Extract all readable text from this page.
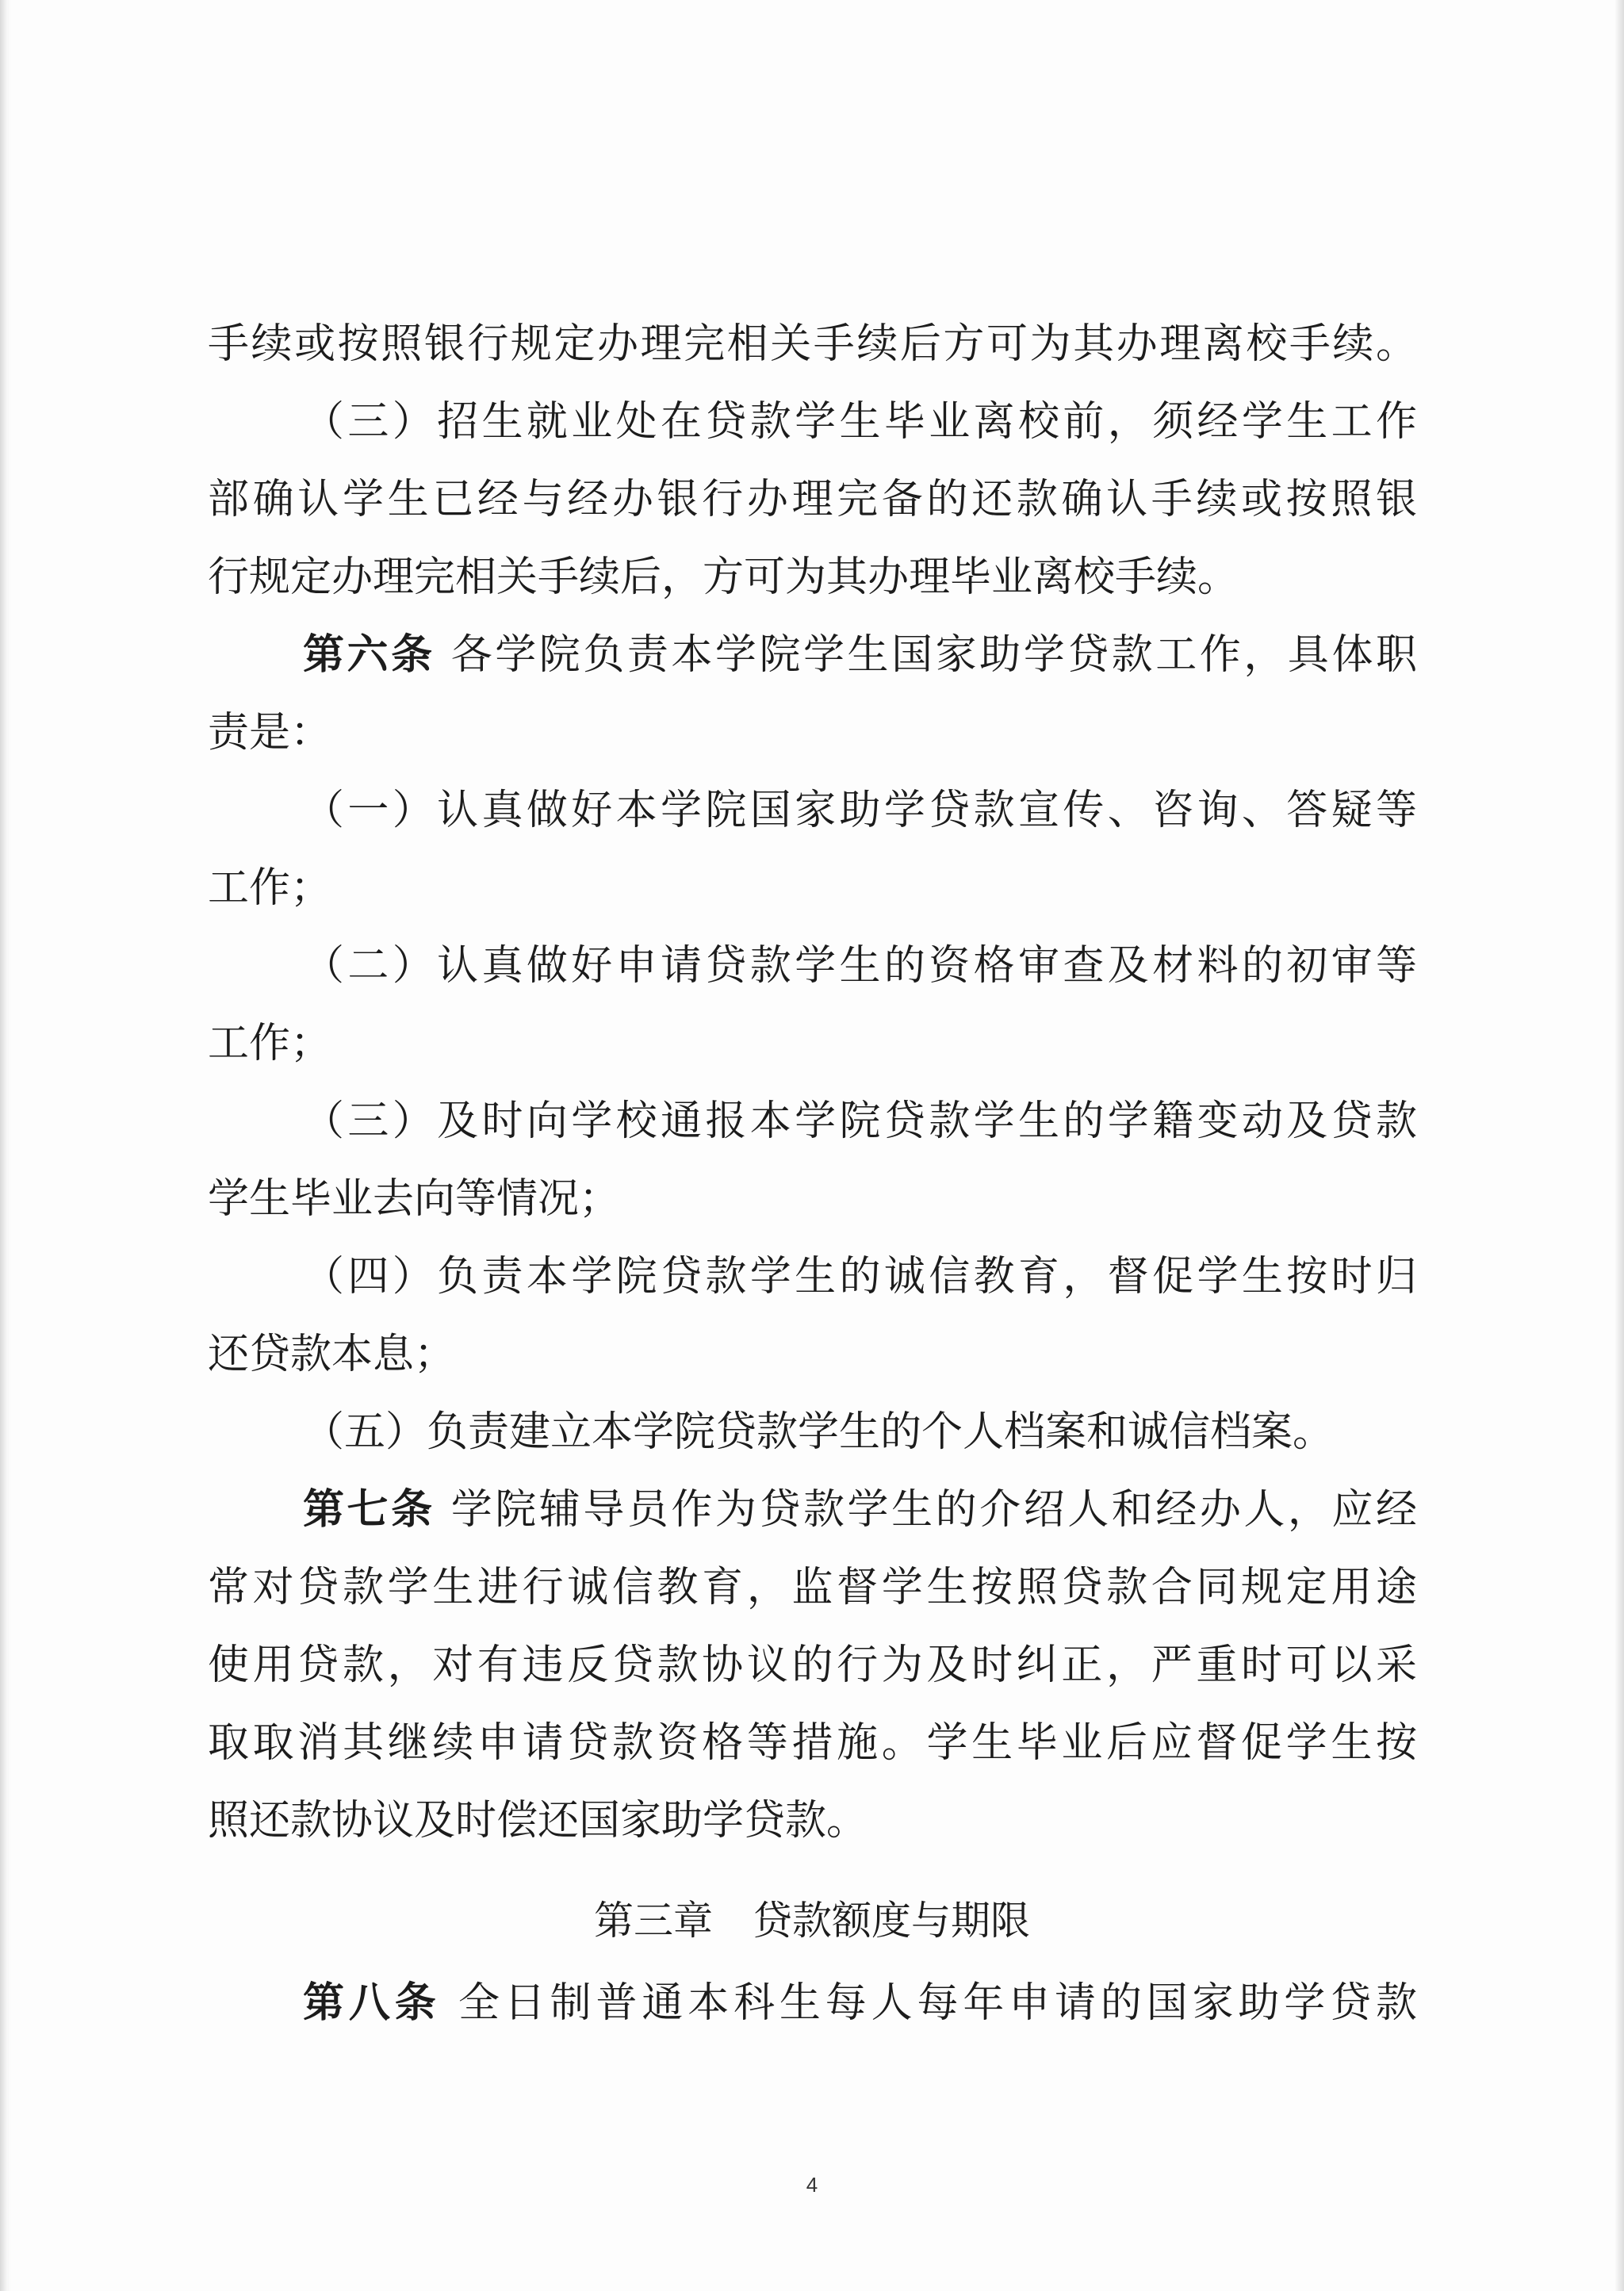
手续或按照银行规定办理完相关手续后方可为其办理离校手续。
（三）招生就业处在贷款学生毕业离校前，须经学生工作
部确认学生已经与经办银行办理完备的还款确认手续或按照银
行规定办理完相关手续后，方可为其办理毕业离校手续。
第六条 各学院负责本学院学生国家助学贷款工作，具体职
责是：
（一）认真做好本学院国家助学贷款宣传、咨询、答疑等
工作；
（二）认真做好申请贷款学生的资格审查及材料的初审等
工作；
（三）及时向学校通报本学院贷款学生的学籍变动及贷款
学生毕业去向等情况；
（四）负责本学院贷款学生的诚信教育，督促学生按时归
还贷款本息；
（五）负责建立本学院贷款学生的个人档案和诚信档案。
第七条 学院辅导员作为贷款学生的介绍人和经办人，应经
常对贷款学生进行诚信教育，监督学生按照贷款合同规定用途
使用贷款，对有违反贷款协议的行为及时纠正，严重时可以采
取取消其继续申请贷款资格等措施。学生毕业后应督促学生按
照还款协议及时偿还国家助学贷款。
第三章　贷款额度与期限
第八条 全日制普通本科生每人每年申请的国家助学贷款
4
